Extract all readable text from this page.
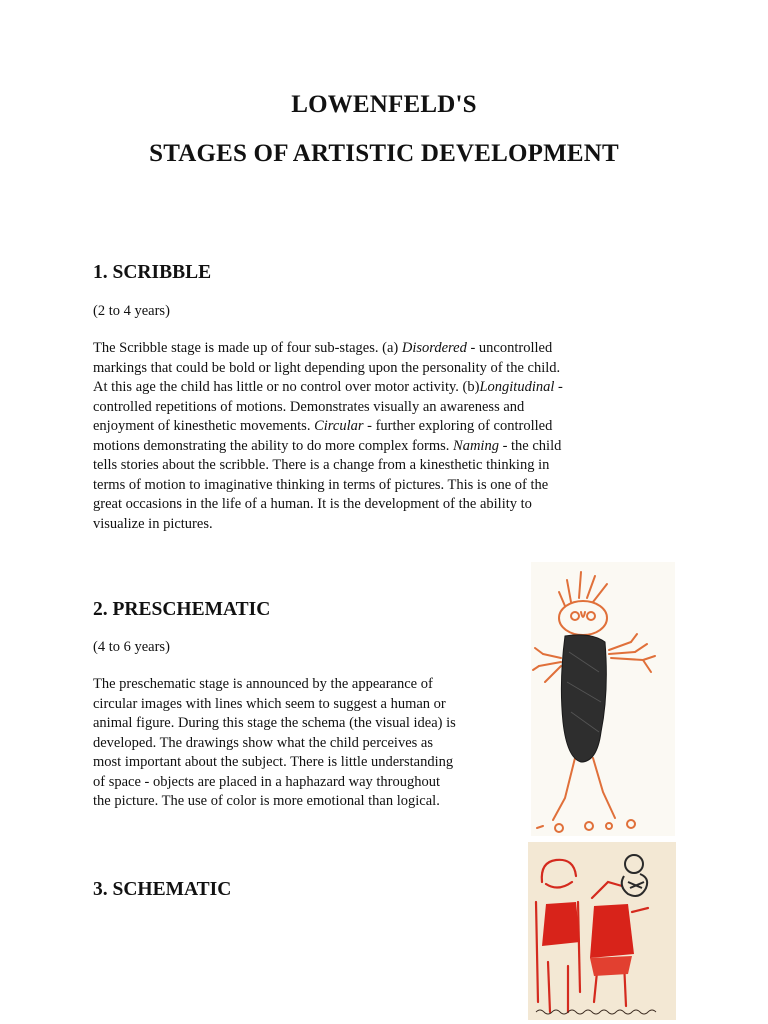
LOWENFELD'S
STAGES OF ARTISTIC DEVELOPMENT
1. SCRIBBLE

(2 to 4 years)

The Scribble stage is made up of four sub-stages. (a) Disordered - uncontrolled
markings that could be bold or light depending upon the personality of the child.
At this age the child has little or no control over motor activity. (b)Longitudinal -
controlled repetitions of motions. Demonstrates visually an awareness and
enjoyment of kinesthetic movements. Circular - further exploring of controlled
motions demonstrating the ability to do more complex forms. Naming - the child
tells stories about the scribble. There is a change from a kinesthetic thinking in
terms of motion to imaginative thinking in terms of pictures. This is one of the
great occasions in the life of a human. It is the development of the ability to
visualize in pictures.

2. PRESCHEMATIC

(4 to 6 years)

The preschematic stage is announced by the appearance of
circular images with lines which seem to suggest a human or
animal figure. During this stage the schema (the visual idea) is
developed. The drawings show what the child perceives as
most important about the subject. There is little understanding
of space - objects are placed in a haphazard way throughout
the picture. The use of color is more emotional than logical.

3. SCHEMATIC
